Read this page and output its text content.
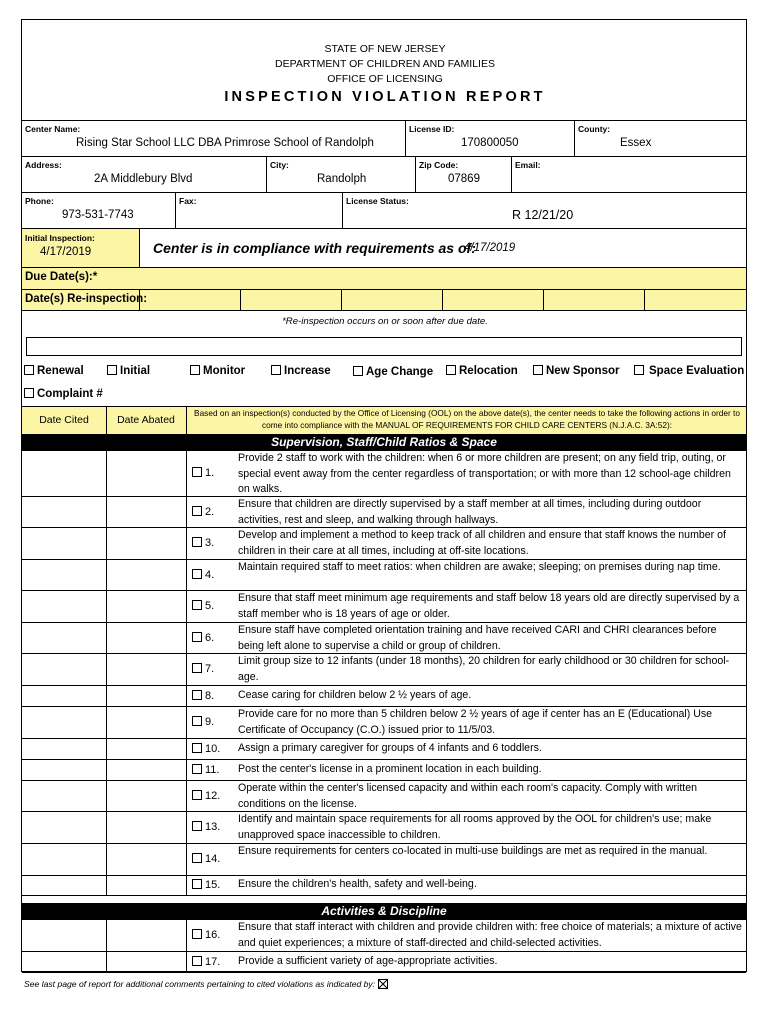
STATE OF NEW JERSEY
DEPARTMENT OF CHILDREN AND FAMILIES
OFFICE OF LICENSING
INSPECTION VIOLATION REPORT
Center Name:
Rising Star School LLC DBA Primrose School of Randolph
License ID:
170800050
County:
Essex
Address:
2A Middlebury Blvd
City:
Randolph
Zip Code:
07869
Email:
Phone:
973-531-7743
Fax:	License Status:
R 12/21/20
Initial Inspection:
4/17/2019	Center is in compliance with requirements as of:
4/17/2019
Due Date(s):*
Date(s) Re-inspection:
*Re-inspection occurs on or soon after due date.
Renewal	Initial	Monitor	Increase	Age Change	Relocation	New Sponsor	Space Evaluation
Complaint #
Date Cited	Date Abated
Based on an inspection(s) conducted by the Office of Licensing (OOL) on the above date(s), the center needs to take the following actions in order to come into compliance with the MANUAL OF REQUIREMENTS FOR CHILD CARE CENTERS (N.J.A.C. 3A:52):
Supervision, Staff/Child Ratios & Space
1.
Provide 2 staff to work with the children: when 6 or more children are present; on any field trip, outing, or special event away from the center regardless of transportation; or with more than 12 school-age children on walks.
2.
Ensure that children are directly supervised by a staff member at all times, including during outdoor activities, rest and sleep, and walking through hallways.
3.
Develop and implement a method to keep track of all children and ensure that staff knows the number of children in their care at all times, including at off-site locations.
4.
Maintain required staff to meet ratios: when children are awake; sleeping; on premises during nap time.
5.
Ensure that staff meet minimum age requirements and staff below 18 years old are directly supervised by a staff member who is 18 years of age or older.
6.
Ensure staff have completed orientation training and have received CARI and CHRI clearances before being left alone to supervise a child or group of children.
7.
Limit group size to 12 infants (under 18 months), 20 children for early childhood or 30 children for school-age.
8. Cease caring for children below 2 ½ years of age.
9.
Provide care for no more than 5 children below 2 ½ years of age if center has an E (Educational) Use Certificate of Occupancy (C.O.) issued prior to 11/5/03.
10. Assign a primary caregiver for groups of 4 infants and 6 toddlers.
11. Post the center's license in a prominent location in each building.
12.
Operate within the center's licensed capacity and within each room's capacity. Comply with written conditions on the license.
13.
Identify and maintain space requirements for all rooms approved by the OOL for children's use; make unapproved space inaccessible to children.
14.
Ensure requirements for centers co-located in multi-use buildings are met as required in the manual.
15. Ensure the children's health, safety and well-being.
Activities & Discipline
16.
Ensure that staff interact with children and provide children with: free choice of materials; a mixture of active and quiet experiences; a mixture of staff-directed and child-selected activities.
17. Provide a sufficient variety of age-appropriate activities.
See last page of report for additional comments pertaining to cited violations as indicated by:
